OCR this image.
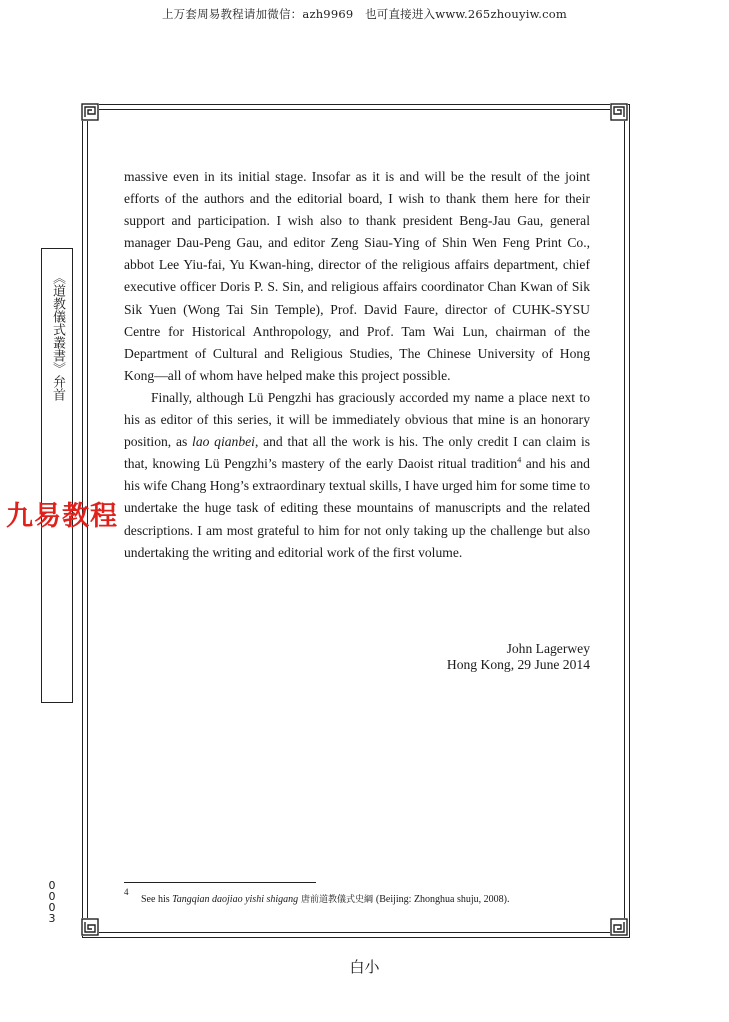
上万套周易教程请加微信：azh9969　也可直接进入www.265zhouyiw.com
《道教儀式叢書》弁首

massive even in its initial stage. Insofar as it is and will be the result of the joint efforts of the authors and the editorial board, I wish to thank them here for their support and participation. I wish also to thank president Beng-Jau Gau, general manager Dau-Peng Gau, and editor Zeng Siau-Ying of Shin Wen Feng Print Co., abbot Lee Yiu-fai, Yu Kwan-hing, director of the religious affairs department, chief executive officer Doris P. S. Sin, and religious affairs coordinator Chan Kwan of Sik Sik Yuen (Wong Tai Sin Temple), Prof. David Faure, director of CUHK-SYSU Centre for Historical Anthropology, and Prof. Tam Wai Lun, chairman of the Department of Cultural and Religious Studies, The Chinese University of Hong Kong—all of whom have helped make this project possible.

Finally, although Lü Pengzhi has graciously accorded my name a place next to his as editor of this series, it will be immediately obvious that mine is an honorary position, as lao qianbei, and that all the work is his. The only credit I can claim is that, knowing Lü Pengzhi’s mastery of the early Daoist ritual tradition$^4$ and his and his wife Chang Hong’s extraordinary textual skills, I have urged him for some time to undertake the huge task of editing these mountains of manuscripts and the related descriptions. I am most grateful to him for not only taking up the challenge but also undertaking the writing and editorial work of the first volume.

九易教程
John Lagerwey
Hong Kong, 29 June 2014
4
See his Tangqian daojiao yishi shigang 唐前道教儀式史綱 (Beijing: Zhonghua shuju, 2008).
0
0
0
3
白小
